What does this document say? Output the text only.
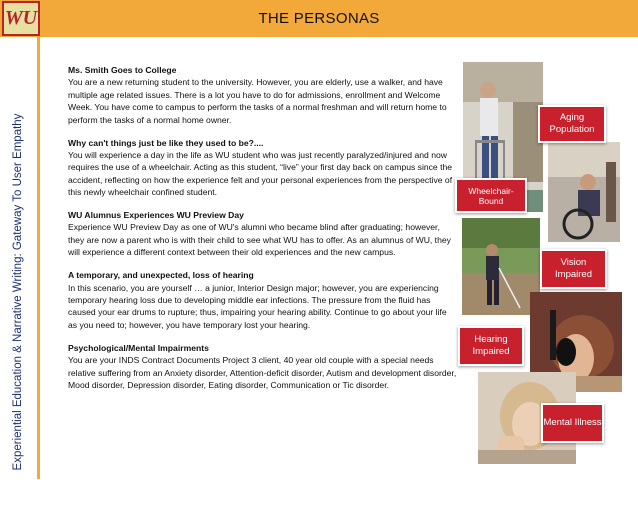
THE PERSONAS
WU
Experiential Education & Narrative Writing: Gateway To User Empathy
Ms. Smith Goes to College

You are a new returning student to the university. However, you are elderly, use a walker, and have multiple age related issues. There is a lot you have to do for admissions, enrollment and Welcome Week. You have come to campus to perform the tasks of a normal freshman and will return home to perform the tasks of a normal home owner.

Why can't things just be like they used to be?....

You will experience a day in the life as WU student who was just recently paralyzed/injured and now requires the use of a wheelchair. Acting as this student, “live” your first day back on campus since the accident, reflecting on how the experience felt and your personal experiences from the perspective of this newly wheelchair confined student.

WU Alumnus Experiences WU Preview Day

Experience WU Preview Day as one of WU's alumni who became blind after graduating; however, they are now a parent who is with their child to see what WU has to offer. As an alumnus of WU, they will experience a different context between their old experiences and the new campus.

A temporary, and unexpected, loss of hearing

In this scenario, you are yourself … a junior, Interior Design major; however, you are experiencing temporary hearing loss due to developing middle ear infections. The pressure from the fluid has caused your ear drums to rupture; thus, impairing your hearing ability. Continue to go about your life as you need to; however, you have temporary lost your hearing.

Psychological/Mental Impairments

You are your INDS Contract Documents Project 3 client, 40 year old couple with a special needs relative suffering from an Anxiety disorder, Attention-deficit disorder, Autism and development disorder, Mood disorder, Depression disorder, Eating disorder, Communication or Tic disorder.

Aging Population
Wheelchair-Bound
Vision Impaired
Hearing Impaired
Mental Illness
